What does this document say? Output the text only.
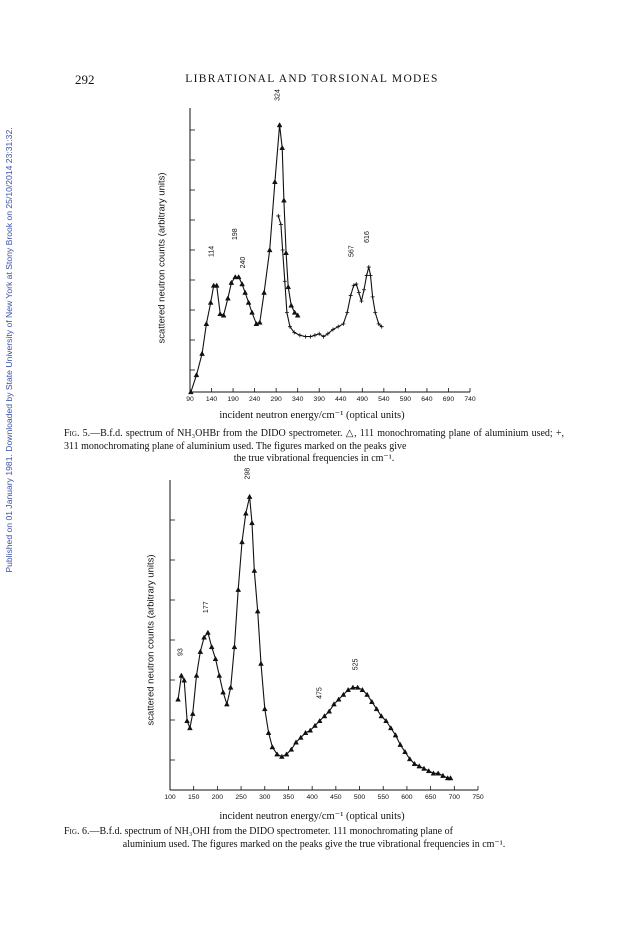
Published on 01 January 1981. Downloaded by State University of New York at Stony Brook on 25/10/2014 23:31:32.
292	LIBRATIONAL AND TORSIONAL MODES
90 140 190 240 290 340 390 440 490 540 590 640 690 740
114
198
240
324
567
616
scattered neutron counts (arbitrary units)
incident neutron energy/cm⁻¹ (optical units)
Fig. 5.—B.f.d. spectrum of NH₃OHBr from the DIDO spectrometer. △, 111 monochromating plane of aluminium used; +, 311 monochromating plane of aluminium used. The figures marked on the peaks give
the true vibrational frequencies in cm⁻¹.
100 150 200 250 300 350 400 450 500 550 600 650 700 750
93
177
298
475
525
scattered neutron counts (arbitrary units)
incident neutron energy/cm⁻¹ (optical units)
Fig. 6.—B.f.d. spectrum of NH₃OHI from the DIDO spectrometer. 111 monochromating plane of
aluminium used. The figures marked on the peaks give the true vibrational frequencies in cm⁻¹.
